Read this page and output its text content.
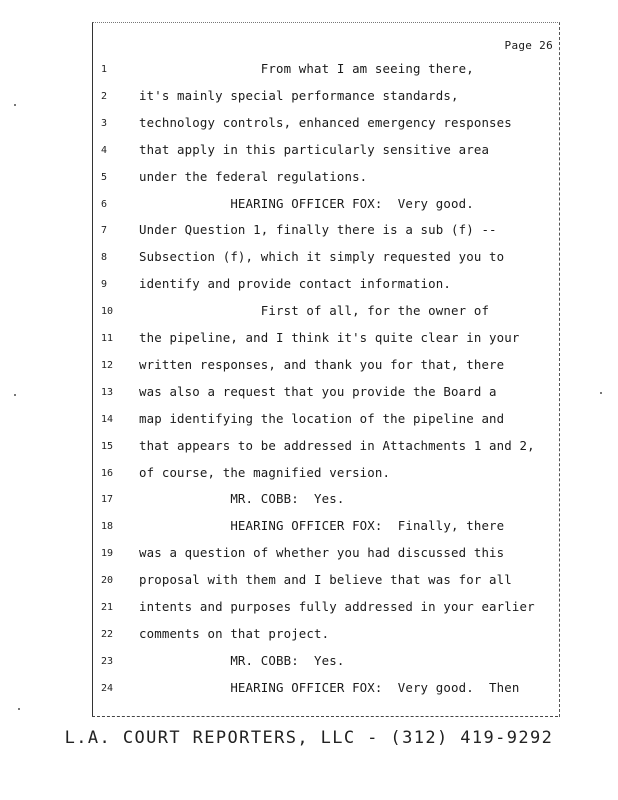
Page 26
1	From what I am seeing there,
2	it's mainly special performance standards,
3	technology controls, enhanced emergency responses
4	that apply in this particularly sensitive area
5	under the federal regulations.
6	HEARING OFFICER FOX:  Very good.
7	Under Question 1, finally there is a sub (f) --
8	Subsection (f), which it simply requested you to
9	identify and provide contact information.
10	First of all, for the owner of
11	the pipeline, and I think it's quite clear in your
12	written responses, and thank you for that, there
13	was also a request that you provide the Board a
14	map identifying the location of the pipeline and
15	that appears to be addressed in Attachments 1 and 2,
16	of course, the magnified version.
17	MR. COBB:  Yes.
18	HEARING OFFICER FOX:  Finally, there
19	was a question of whether you had discussed this
20	proposal with them and I believe that was for all
21	intents and purposes fully addressed in your earlier
22	comments on that project.
23	MR. COBB:  Yes.
24	HEARING OFFICER FOX:  Very good.  Then
L.A. COURT REPORTERS, LLC - (312) 419-9292
